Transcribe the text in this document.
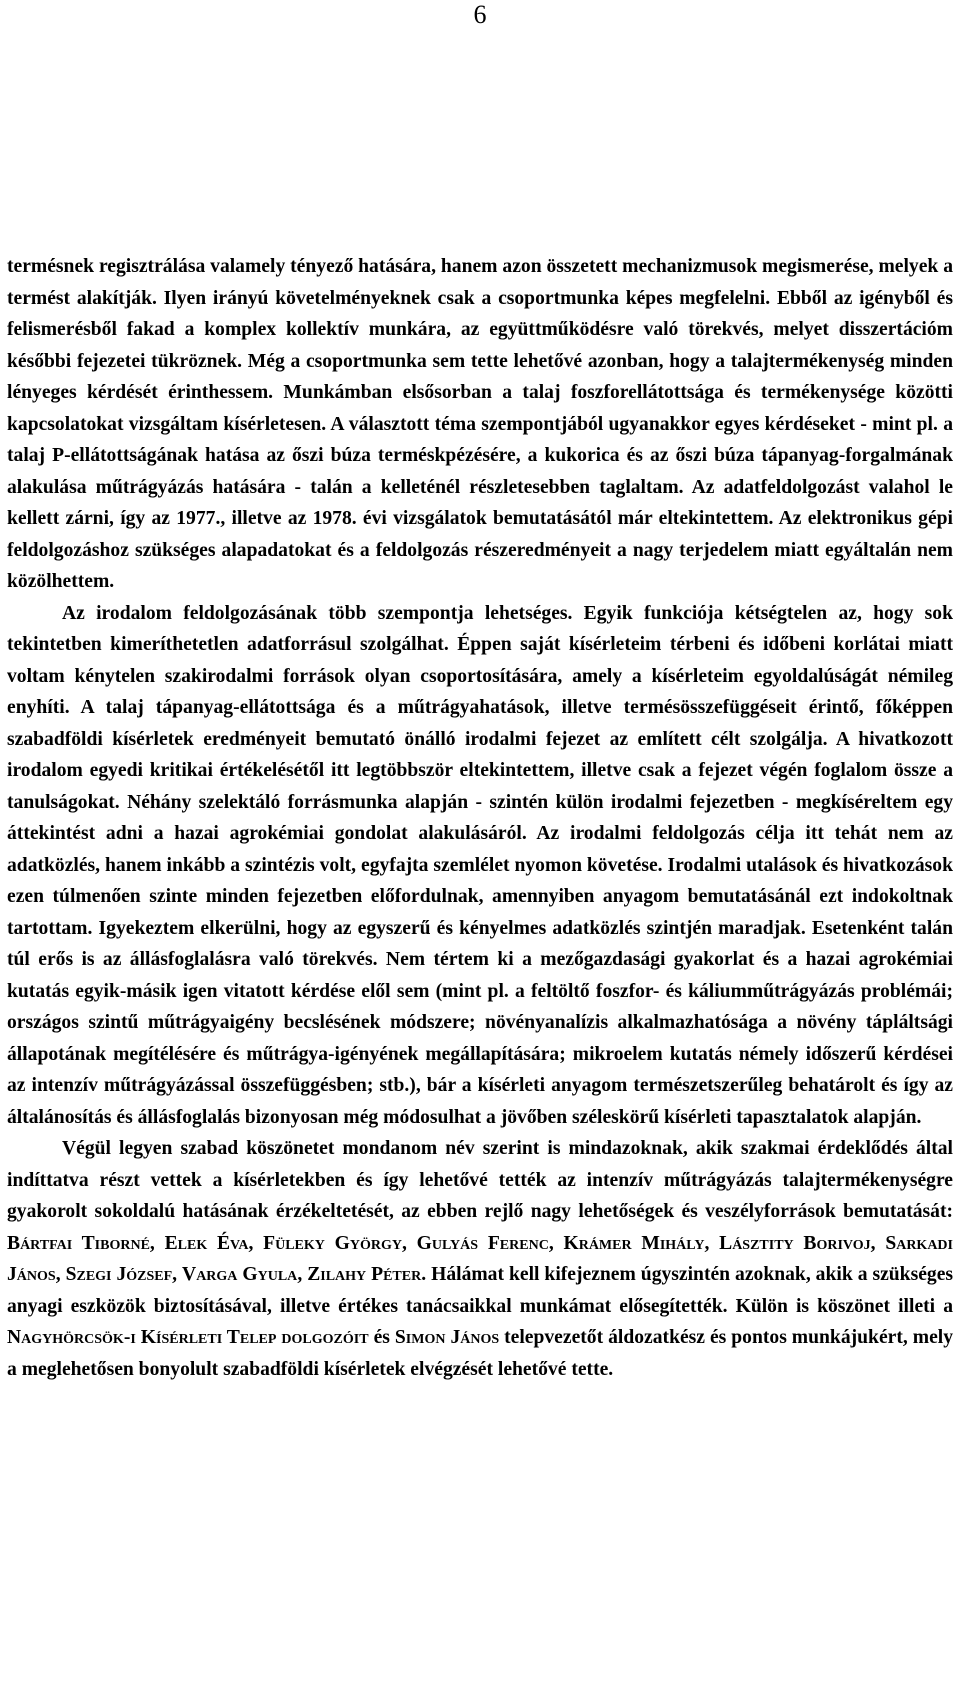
6

termésnek regisztrálása valamely tényező hatására, hanem azon összetett mechanizmusok megismerése, melyek a termést alakítják. Ilyen irányú követelményeknek csak a csoportmunka képes megfelelni. Ebből az igényből és felismerésből fakad a komplex kollektív munkára, az együttműködésre való törekvés, melyet disszertációm későbbi fejezetei tükröznek. Még a csoportmunka sem tette lehetővé azonban, hogy a talajtermékenység minden lényeges kérdését érinthessem. Munkámban elsősorban a talaj foszforellátottsága és termékenysége közötti kapcsolatokat vizsgáltam kísérletesen. A választott téma szempontjából ugyanakkor egyes kérdéseket - mint pl. a talaj P-ellátottságának hatása az őszi búza terméskpézésére, a kukorica és az őszi búza tápanyag-forgalmának alakulása műtrágyázás hatására - talán a kelleténél részletesebben taglaltam. Az adatfeldolgozást valahol le kellett zárni, így az 1977., illetve az 1978. évi vizsgálatok bemutatásától már eltekintettem. Az elektronikus gépi feldolgozáshoz szükséges alapadatokat és a feldolgozás részeredményeit a nagy terjedelem miatt egyáltalán nem közölhettem.

Az irodalom feldolgozásának több szempontja lehetséges. Egyik funkciója kétségtelen az, hogy sok tekintetben kimeríthetetlen adatforrásul szolgálhat. Éppen saját kísérleteim térbeni és időbeni korlátai miatt voltam kénytelen szakirodalmi források olyan csoportosítására, amely a kísérleteim egyoldalúságát némileg enyhíti. A talaj tápanyag-ellátottsága és a műtrágyahatások, illetve termésösszefüggéseit érintő, főképpen szabadföldi kísérletek eredményeit bemutató önálló irodalmi fejezet az említett célt szolgálja. A hivatkozott irodalom egyedi kritikai értékelésétől itt legtöbbször eltekintettem, illetve csak a fejezet végén foglalom össze a tanulságokat. Néhány szelektáló forrásmunka alapján - szintén külön irodalmi fejezetben - megkíséreltem egy áttekintést adni a hazai agrokémiai gondolat alakulásáról. Az irodalmi feldolgozás célja itt tehát nem az adatközlés, hanem inkább a szintézis volt, egyfajta szemlélet nyomon követése. Irodalmi utalások és hivatkozások ezen túlmenően szinte minden fejezetben előfordulnak, amennyiben anyagom bemutatásánál ezt indokoltnak tartottam. Igyekeztem elkerülni, hogy az egyszerű és kényelmes adatközlés szintjén maradjak. Esetenként talán túl erős is az állásfoglalásra való törekvés. Nem tértem ki a mezőgazdasági gyakorlat és a hazai agrokémiai kutatás egyik-másik igen vitatott kérdése elől sem (mint pl. a feltöltő foszfor- és káliumműtrágyázás problémái; országos szintű műtrágyaigény becslésének módszere; növényanalízis alkalmazhatósága a növény tápláltsági állapotának megítélésére és műtrágya-igényének megállapítására; mikroelem kutatás némely időszerű kérdései az intenzív műtrágyázással összefüggésben; stb.), bár a kísérleti anyagom természetszerűleg behatárolt és így az általánosítás és állásfoglalás bizonyosan még módosulhat a jövőben széleskörű kísérleti tapasztalatok alapján.

Végül legyen szabad köszönetet mondanom név szerint is mindazoknak, akik szakmai érdeklődés által indíttatva részt vettek a kísérletekben és így lehetővé tették az intenzív műtrágyázás talajtermékenységre gyakorolt sokoldalú hatásának érzékeltetését, az ebben rejlő nagy lehetőségek és veszélyforrások bemutatását: Bártfai Tiborné, Elek Éva, Füleky György, Gulyás Ferenc, Krámer Mihály, Lásztity Borivoj, Sarkadi János, Szegi József, Varga Gyula, Zilahy Péter. Hálámat kell kifejeznem úgyszintén azoknak, akik a szükséges anyagi eszközök biztosításával, illetve értékes tanácsaikkal munkámat elősegítették. Külön is köszönet illeti a Nagyhörcsök-i Kísérleti Telep dolgozóit és Simon János telepvezetőt áldozatkész és pontos munkájukért, mely a meglehetősen bonyolult szabadföldi kísérletek elvégzését lehetővé tette.
